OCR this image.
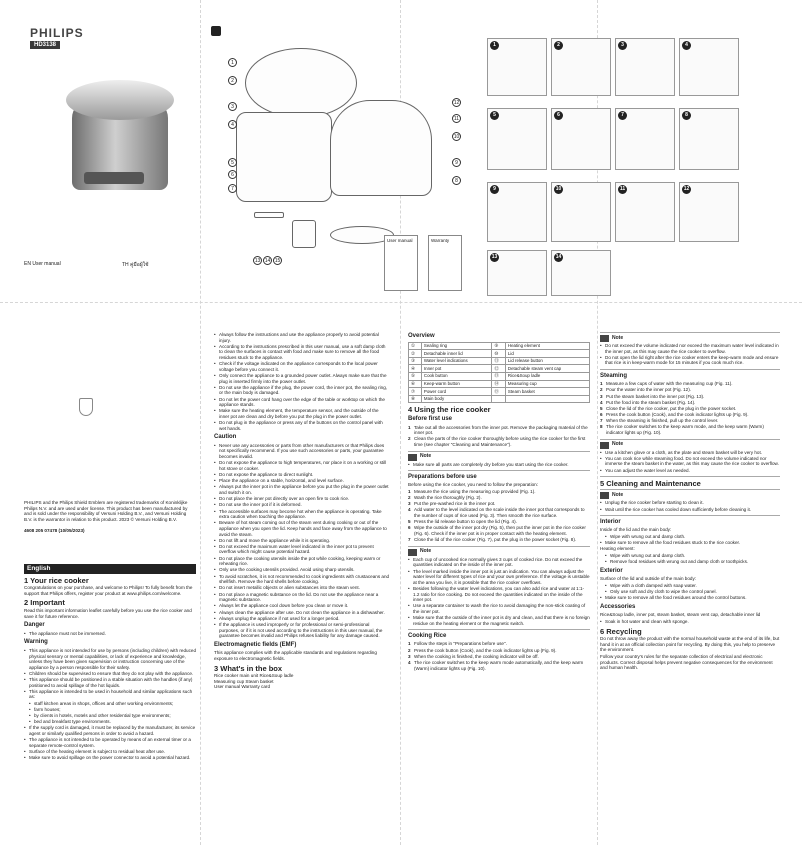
PHILIPS
HD3138
EN User manual	TH คู่มือผู้ใช้
1
2
3
4
5
6
7
8
9
10
11
12
13 14 15
User manual	Warranty
1	2	3	4
5	6	7	8
9	10	11	12
13	14

PHILIPS and the Philips Shield Emblem are registered trademarks of Koninklijke Philips N.V. and are used under license. This product has been manufactured by and is sold under the responsibility of Versuni Holding B.V., and Versuni Holding B.V. is the warrantor in relation to this product. 2023 © Versuni Holding B.V.

4608 205 07478 (10/05/2023)

English
1 Your rice cooker

Congratulations on your purchase, and welcome to Philips! To fully benefit from the support that Philips offers, register your product at www.philips.com/welcome.

2 Important

Read this important information leaflet carefully before you use the rice cooker and save it for future reference.

Danger
• The appliance must not be immersed.
Warning
• This appliance is not intended for use by persons (including children) with reduced physical sensory or mental capabilities, or lack of experience and knowledge, unless they have been given supervision or instruction concerning use of the appliance by a person responsible for their safety.
• Children should be supervised to ensure that they do not play with the appliance.
• This appliance should be positioned in a stable situation with the handles (if any) positioned to avoid spillage of the hot liquids.
• This appliance is intended to be used in household and similar applications such as:
• staff kitchen areas in shops, offices and other working environments;
• farm houses;
• by clients in hotels, motels and other residential type environments;
• bed and breakfast type environments.
• If the supply cord is damaged, it must be replaced by the manufacturer, its service agent or similarly qualified persons in order to avoid a hazard.
• The appliance is not intended to be operated by means of an external timer or a separate remote-control system.
• Surface of the heating element is subject to residual heat after use.
• Make sure to avoid spillage on the power connector to avoid a potential hazard.
• Always follow the instructions and use the appliance properly to avoid potential injury.
• According to the instructions prescribed in this user manual, use a soft damp cloth to clean the surfaces in contact with food and make sure to remove all the food residues stuck to the appliance.
• Check if the voltage indicated on the appliance corresponds to the local power voltage before you connect it.
• Only connect the appliance to a grounded power outlet. Always make sure that the plug is inserted firmly into the power outlet.
• Do not use the appliance if the plug, the power cord, the inner pot, the sealing ring, or the main body is damaged.
• Do not let the power cord hang over the edge of the table or worktop on which the appliance stands.
• Make sure the heating element, the temperature sensor, and the outside of the inner pot are clean and dry before you put the plug in the power outlet.
• Do not plug in the appliance or press any of the buttons on the control panel with wet hands.
Caution
• Never use any accessories or parts from other manufacturers or that Philips does not specifically recommend. If you use such accessories or parts, your guarantee becomes invalid.
• Do not expose the appliance to high temperatures, nor place it on a working or still hot stove or cooker.
• Do not expose the appliance to direct sunlight.
• Place the appliance on a stable, horizontal, and level surface.
• Always put the inner pot in the appliance before you put the plug in the power outlet and switch it on.
• Do not place the inner pot directly over an open fire to cook rice.
• Do not use the inner pot if it is deformed.
• The accessible surfaces may become hot when the appliance is operating. Take extra caution when touching the appliance.
• Beware of hot steam coming out of the steam vent during cooking or out of the appliance when you open the lid. Keep hands and face away from the appliance to avoid the steam.
• Do not lift and move the appliance while it is operating.
• Do not exceed the maximum water level indicated in the inner pot to prevent overflow which might cause potential hazard.
• Do not place the cooking utensils inside the pot while cooking, keeping warm or reheating rice.
• Only use the cooking utensils provided. Avoid using sharp utensils.
• To avoid scratches, it is not recommended to cook ingredients with crustaceans and shellfish. Remove the hard shells before cooking.
• Do not insert metallic objects or alien substances into the steam vent.
• Do not place a magnetic substance on the lid. Do not use the appliance near a magnetic substance.
• Always let the appliance cool down before you clean or move it.
• Always clean the appliance after use. Do not clean the appliance in a dishwasher.
• Always unplug the appliance if not used for a longer period.
• If the appliance is used improperly or for professional or semi-professional purposes, or if it is not used according to the instructions in this user manual, the guarantee becomes invalid and Philips refuses liability for any damage caused.
Electromagnetic fields (EMF)

This appliance complies with the applicable standards and regulations regarding exposure to electromagnetic fields.

3 What's in the box

Rice cooker main unit Rice&Soup ladle
Measuring cup Steam basket
User manual Warranty card

Overview
①	Sealing ring	⑨	Heating element
②	Detachable inner lid	⑩	Lid
③	Water level indications	⑪	Lid release button
④	Inner pot	⑫	Detachable steam vent cap
⑤	Cook button	⑬	Rice&Soup ladle
⑥	Keep-warm button	⑭	Measuring cup
⑦	Power cord	⑮	Steam basket
⑧	Main body		
4 Using the rice cooker
Before first use
1 Take out all the accessories from the inner pot. Remove the packaging material of the inner pot.
2 Clean the parts of the rice cooker thoroughly before using the rice cooker for the first time (see chapter "Cleaning and Maintenance").
Note
• Make sure all parts are completely dry before you start using the rice cooker.
Preparations before use

Before using the rice cooker, you need to follow the preparation:

1 Measure the rice using the measuring cup provided (Fig. 1).
2 Wash the rice thoroughly (Fig. 2).
3 Put the pre-washed rice in the inner pot.
4 Add water to the level indicated on the scale inside the inner pot that corresponds to the number of cups of rice used (Fig. 3). Then smooth the rice surface.
5 Press the lid release button to open the lid (Fig. 4).
6 Wipe the outside of the inner pot dry (Fig. 5), then put the inner pot in the rice cooker (Fig. 6). Check if the inner pot is in proper contact with the heating element.
7 Close the lid of the rice cooker (Fig. 7), put the plug in the power socket (Fig. 8).
Note
• Each cup of uncooked rice normally gives 3 cups of cooked rice. Do not exceed the quantities indicated on the inside of the inner pot.
• The level marked inside the inner pot is just an indication. You can always adjust the water level for different types of rice and your own preference. If the voltage is unstable at the area you live, it is possible that the rice cooker overflows.
• Besides following the water level indications, you can also add rice and water at 1:1-1.2 ratio for rice cooking. Do not exceed the quantities indicated on the inside of the inner pot.
• Use a separate container to wash the rice to avoid damaging the non-stick coating of the inner pot.
• Make sure that the outside of the inner pot is dry and clean, and that there is no foreign residue on the heating element or the magnetic switch.
Cooking Rice
1 Follow the steps in "Preparations before use".
2 Press the cook button (Cook), and the cook indicator lights up (Fig. 9).
3 When the cooking is finished, the cooking indicator will be off.
4 The rice cooker switches to the keep warm mode automatically, and the keep warm (Warm) indicator lights up (Fig. 10).
Note
• Do not exceed the volume indicated nor exceed the maximum water level indicated in the inner pot, as this may cause the rice cooker to overflow.
• Do not open the lid right after the rice cooker enters the keep-warm mode and ensure that rice is in keep-warm mode for 15 minutes if you cook much rice.
Steaming
1 Measure a few cups of water with the measuring cup (Fig. 11).
2 Pour the water into the inner pot (Fig. 12).
3 Put the steam basket into the inner pot (Fig. 13).
4 Put the food into the steam basket (Fig. 14).
5 Close the lid of the rice cooker, put the plug in the power socket.
6 Press the cook button (Cook), and the cook indicator lights up (Fig. 9).
7 When the steaming is finished, pull up the control lever.
8 The rice cooker switches to the keep warm mode, and the keep warm (Warm) indicator lights up (Fig. 10).
Note
• Use a kitchen glove or a cloth, as the plate and steam basket will be very hot.
• You can cook rice while steaming food. Do not exceed the volume indicated nor immerse the steam basket in the water, as this may cause the rice cooker to overflow.
• You can adjust the water level as needed.
5 Cleaning and Maintenance
Note
• Unplug the rice cooker before starting to clean it.
• Wait until the rice cooker has cooled down sufficiently before cleaning it.
Interior

Inside of the lid and the main body:

• Wipe with wrung out and damp cloth.
• Make sure to remove all the food residues stuck to the rice cooker.

Heating element:

• Wipe with wrung out and damp cloth.
• Remove food residues with wrung out and damp cloth or toothpicks.
Exterior

Surface of the lid and outside of the main body:

• Wipe with a cloth damped with soap water.
• Only use soft and dry cloth to wipe the control panel.
• Make sure to remove all the food residues around the control buttons.
Accessories

Rice&Soup ladle, inner pot, steam basket, steam vent cap, detachable inner lid

• Soak in hot water and clean with sponge.
6 Recycling

Do not throw away the product with the normal household waste at the end of its life, but hand it in at an official collection point for recycling. By doing this, you help to preserve the environment.

Follow your country's rules for the separate collection of electrical and electronic products. Correct disposal helps prevent negative consequences for the environment and human health.
